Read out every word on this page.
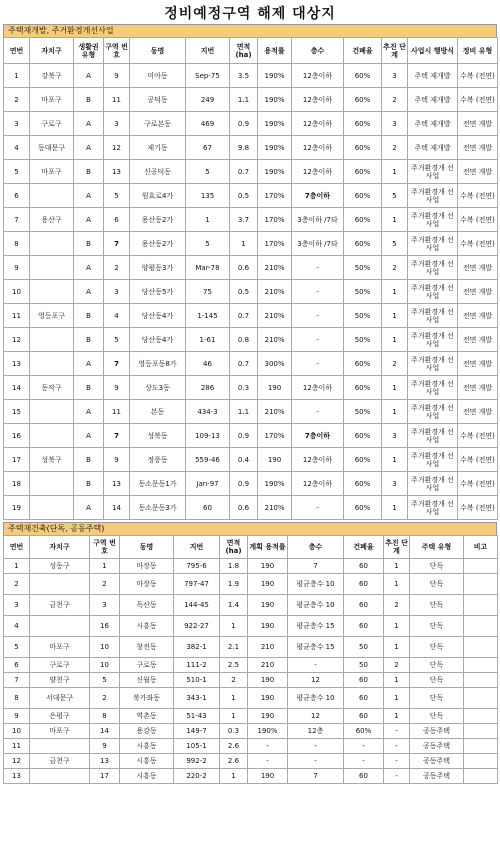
정비예정구역 해제 대상지
주택재개발, 주거환경개선사업
연번	자치구	생활권 유형	구역 번호	동명	지번	면적 (ha)	용적률	층수	건폐율	추진 단계	사업시 행방식	정비 유형
1	강북구	A	9	미아동	Sep-75	3.5	190%	12층이하	60%	3	주택 재개발	수복 (전면)
2	마포구	B	11	공덕동	249	1.1	190%	12층이하	60%	2	주택 재개발	수복 (전면)
3	구로구	A	3	구로본동	469	0.9	190%	12층이하	60%	3	주택 재개발	전면 개발
4	동대문구	A	12	제기동	67	9.8	190%	12층이하	60%	2	주택 재개발	전면 개발
5	마포구	B	13	신공덕동	5	0.7	190%	12층이하	60%	1	주거환경개 선사업	전면 개발
6		A	5	원효로4가	135	0.5	170%	7층이하	60%	5	주거환경개 선사업	수복 (전면)
7	용산구	A	6	용산동2가	1	3.7	170%	3층이하 /7타	60%	1	주거환경개 선사업	수복 (전면)
8		B	7	용산동2가	5	1	170%	3층이하 /7타	60%	5	주거환경개 선사업	수복 (전면)
9		A	2	양평동3가	Mar-78	0.6	210%	-	50%	2	주거환경개 선사업	전면 개발
10		A	3	당산동5가	75	0.5	210%	-	50%	1	주거환경개 선사업	전면 개발
11	영등포구	B	4	당산동4가	1-145	0.7	210%	-	50%	1	주거환경개 선사업	전면 개발
12		B	5	당산동4가	1-61	0.8	210%	-	50%	1	주거환경개 선사업	전면 개발
13		A	7	영등포동8가	46	0.7	300%	-	60%	2	주거환경개 선사업	전면 개발
14	동작구	B	9	상도3동	286	0.3	190	12층이하	60%	1	주거환경개 선사업	전면 개발
15		A	11	본동	434-3	1.1	210%	-	50%	1	주거환경개 선사업	전면 개발
16		A	7	성북동	109-13	0.9	170%	7층이하	60%	3	주거환경개 선사업	수복 (전면)
17	성북구	B	9	정릉동	559-46	0.4	190	12층이하	60%	1	주거환경개 선사업	수복 (전면)
18		B	13	동소문동1가	Jan-97	0.9	190%	12층이하	60%	3	주거환경개 선사업	수복 (전면)
19		A	14	동소문동3가	60	0.6	210%	-	60%	1	주거환경개 선사업	수복 (전면)
주택재건축(단독, 공동주택)
연번	자치구	구역 번호	동명	지번	면적 (ha)	계획 용적률	층수	건폐율	추진 단계	주택 유형	비고
1	성동구	1	마장동	795-6	1.8	190	7	60	1	단독	
2		2	마장동	797-47	1.9	190	평균층수 10	60	1	단독	
3	금천구	3	독산동	144-45	1.4	190	평균층수 10	60	2	단독	
4		16	시흥동	922-27	1	190	평균층수 15	60	1	단독	
5	마포구	10	창전동	382-1	2.1	210	평균층수 15	50	1	단독	
6	구로구	10	구로동	111-2	2.5	210	-	50	2	단독	
7	양천구	5	신월동	510-1	2	190	12	60	1	단독	
8	서대문구	2	북가좌동	343-1	1	190	평균층수 10	60	1	단독	
9	은평구	8	역촌동	51-43	1	190	12	60	1	단독	
10	마포구	14	용강동	149-7	0.3	190%	12층	60%	-	공동주택	
11		9	시흥동	105-1	2.6	-	-	-	-	공동주택	
12	금천구	13	시흥동	992-2	2.6	-	-	-	-	공동주택	
13		17	시흥동	220-2	1	190	7	60	-	공동주택	
